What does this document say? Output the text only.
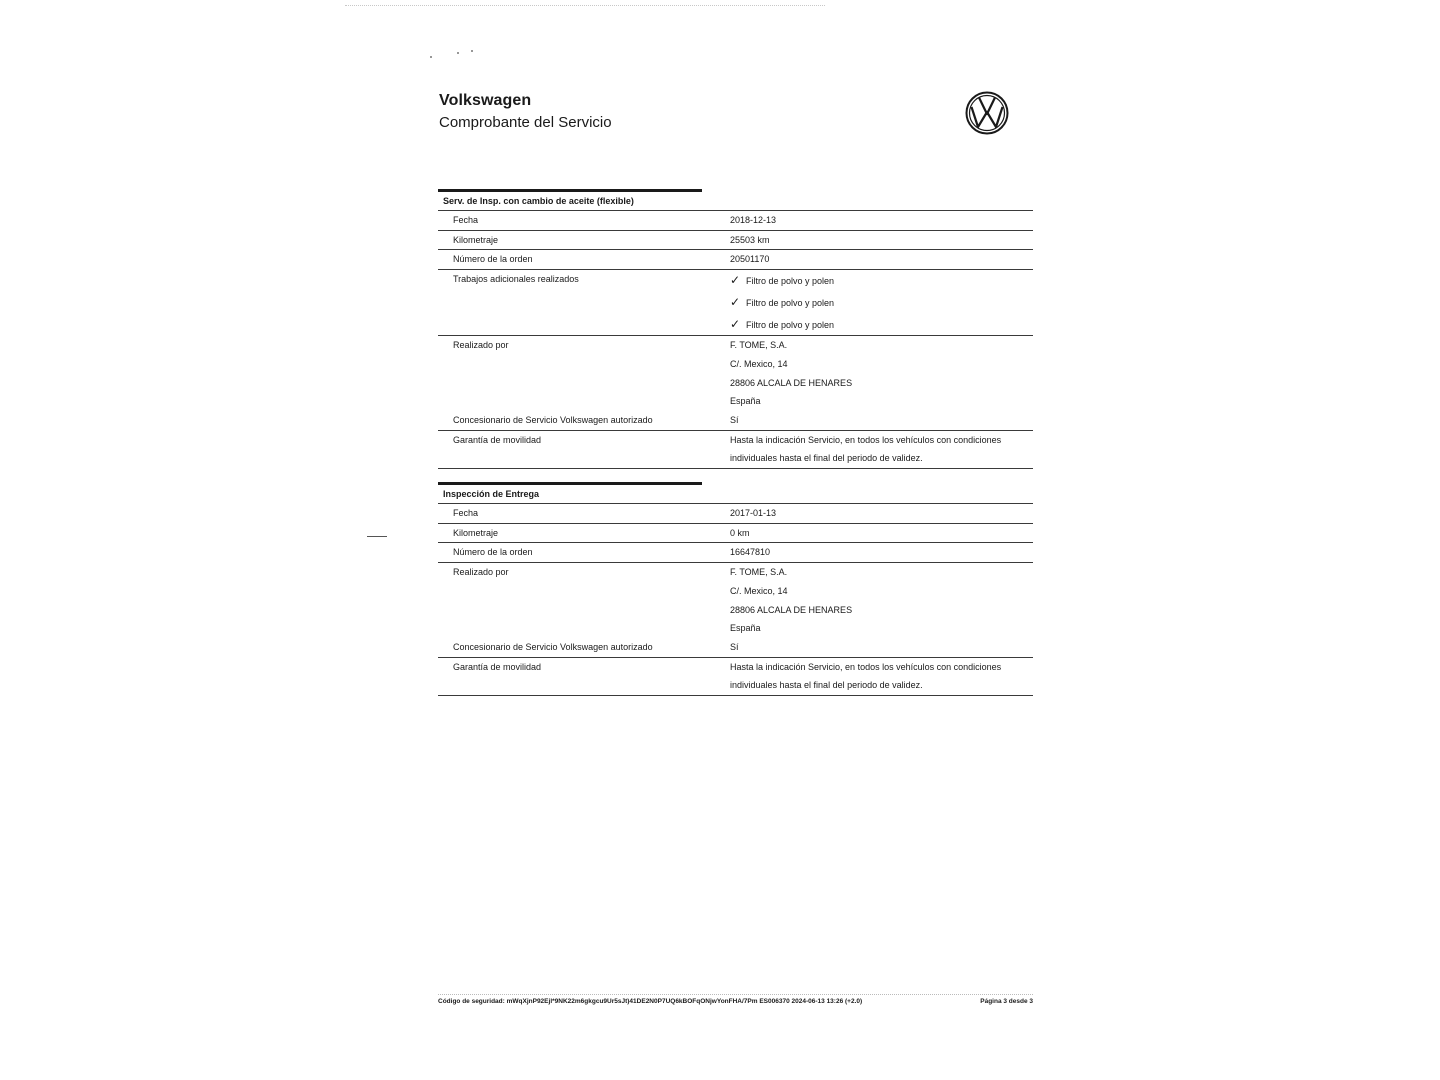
Volkswagen
Comprobante del Servicio
Serv. de Insp. con cambio de aceite (flexible)
Fecha	2018-12-13
Kilometraje	25503 km
Número de la orden	20501170
Trabajos adicionales realizados	✓ Filtro de polvo y polen
✓ Filtro de polvo y polen
✓ Filtro de polvo y polen
Realizado por	F. TOME, S.A.
C/. Mexico, 14
28806 ALCALA DE HENARES
España
Concesionario de Servicio Volkswagen autorizado	Sí
Garantía de movilidad	Hasta la indicación Servicio, en todos los vehículos con condiciones
individuales hasta el final del periodo de validez.
Inspección de Entrega
Fecha	2017-01-13
Kilometraje	0 km
Número de la orden	16647810
Realizado por	F. TOME, S.A.
C/. Mexico, 14
28806 ALCALA DE HENARES
España
Concesionario de Servicio Volkswagen autorizado	Sí
Garantía de movilidad	Hasta la indicación Servicio, en todos los vehículos con condiciones
individuales hasta el final del periodo de validez.
Código de seguridad: mWqXjnP92Ejl*9NK22m6gkgcu9Ur5sJt)41DE2N0P7UQ6kBOFqONjwYonFHA/7Pm ES006370 2024-06-13 13:26 (+2.0)	Página 3 desde 3
